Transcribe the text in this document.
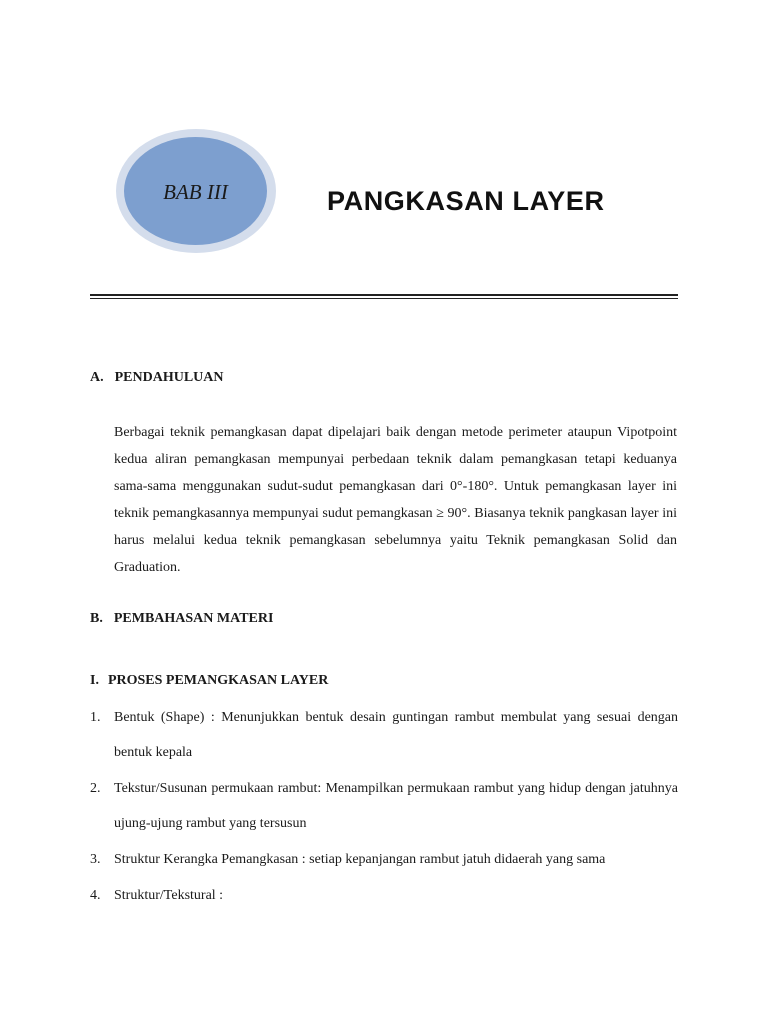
BAB III	PANGKASAN LAYER
A. PENDAHULUAN

Berbagai teknik pemangkasan dapat dipelajari baik dengan metode perimeter ataupun Vipotpoint kedua aliran pemangkasan mempunyai perbedaan teknik dalam pemangkasan tetapi keduanya sama-sama menggunakan sudut-sudut pemangkasan dari 0°-180°. Untuk pemangkasan layer ini teknik pemangkasannya mempunyai sudut pemangkasan ≥ 90°. Biasanya teknik pangkasan layer ini harus melalui kedua teknik pemangkasan sebelumnya yaitu Teknik pemangkasan Solid dan Graduation.

B. PEMBAHASAN MATERI
I. PROSES PEMANGKASAN LAYER
1. Bentuk (Shape) : Menunjukkan bentuk desain guntingan rambut membulat yang sesuai dengan bentuk kepala
2. Tekstur/Susunan permukaan rambut: Menampilkan permukaan rambut yang hidup dengan jatuhnya ujung-ujung rambut yang tersusun
3. Struktur Kerangka Pemangkasan : setiap kepanjangan rambut jatuh didaerah yang sama
4. Struktur/Tekstural :
